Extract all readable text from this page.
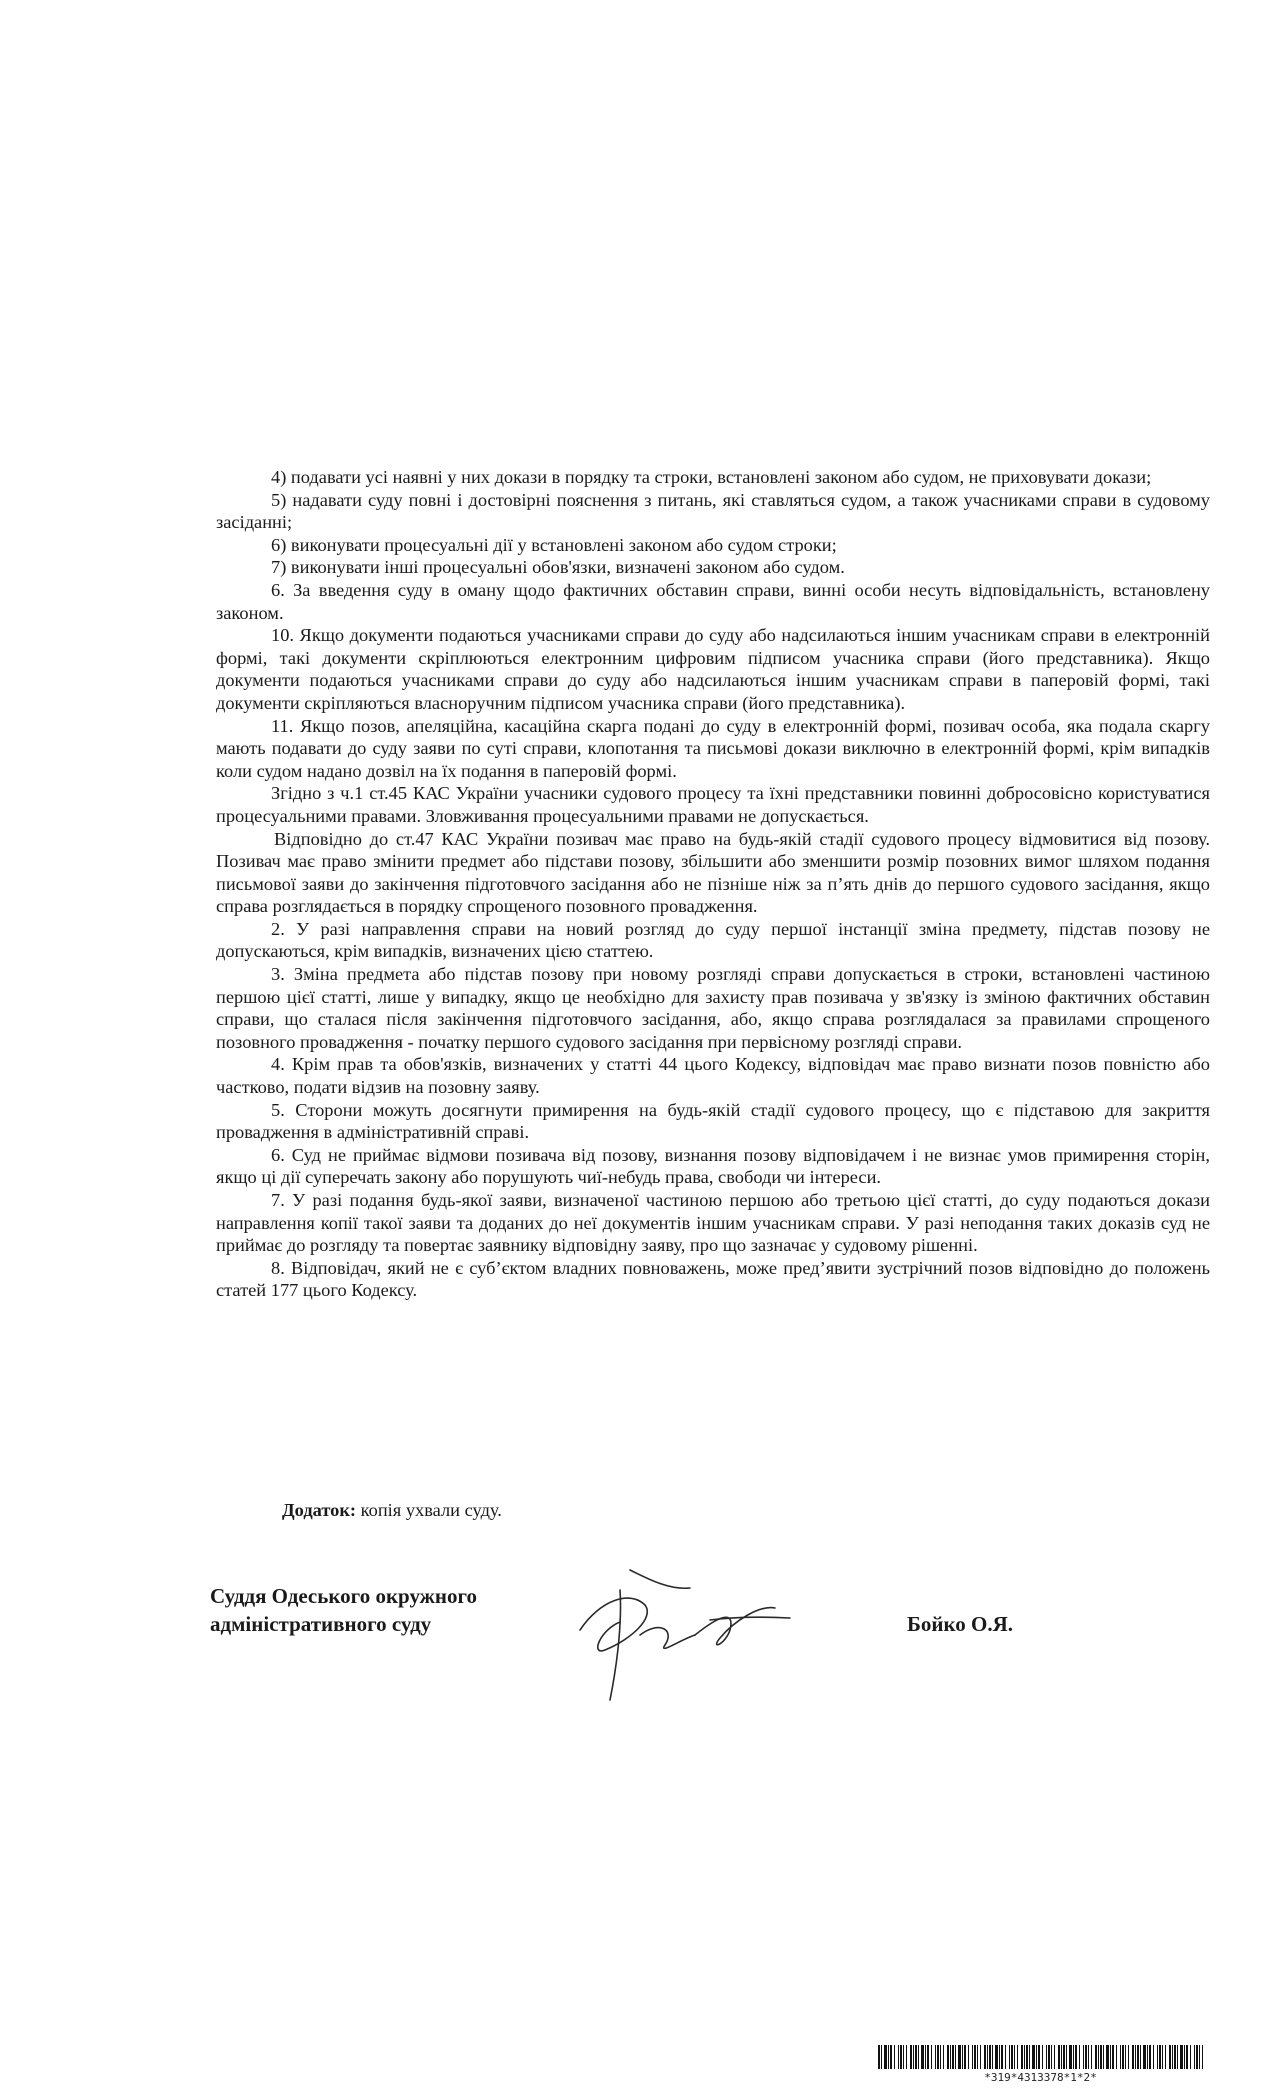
4) подавати усі наявні у них докази в порядку та строки, встановлені законом або судом, не приховувати докази;

5) надавати суду повні і достовірні пояснення з питань, які ставляться судом, а також учасниками справи в судовому засіданні;

6) виконувати процесуальні дії у встановлені законом або судом строки;

7) виконувати інші процесуальні обов'язки, визначені законом або судом.

6. За введення суду в оману щодо фактичних обставин справи, винні особи несуть відповідальність, встановлену законом.

10. Якщо документи подаються учасниками справи до суду або надсилаються іншим учасникам справи в електронній формі, такі документи скріплюються електронним цифровим підписом учасника справи (його представника). Якщо документи подаються учасниками справи до суду або надсилаються іншим учасникам справи в паперовій формі, такі документи скріпляються власноручним підписом учасника справи (його представника).

11. Якщо позов, апеляційна, касаційна скарга подані до суду в електронній формі, позивач особа, яка подала скаргу мають подавати до суду заяви по суті справи, клопотання та письмові докази виключно в електронній формі, крім випадків коли судом надано дозвіл на їх подання в паперовій формі.

Згідно з ч.1 ст.45 КАС України учасники судового процесу та їхні представники повинні добросовісно користуватися процесуальними правами. Зловживання процесуальними правами не допускається.

Відповідно до ст.47 КАС України позивач має право на будь-якій стадії судового процесу відмовитися від позову. Позивач має право змінити предмет або підстави позову, збільшити або зменшити розмір позовних вимог шляхом подання письмової заяви до закінчення підготовчого засідання або не пізніше ніж за п’ять днів до першого судового засідання, якщо справа розглядається в порядку спрощеного позовного провадження.

2. У разі направлення справи на новий розгляд до суду першої інстанції зміна предмету, підстав позову не допускаються, крім випадків, визначених цією статтею.

3. Зміна предмета або підстав позову при новому розгляді справи допускається в строки, встановлені частиною першою цієї статті, лише у випадку, якщо це необхідно для захисту прав позивача у зв'язку із зміною фактичних обставин справи, що сталася після закінчення підготовчого засідання, або, якщо справа розглядалася за правилами спрощеного позовного провадження - початку першого судового засідання при первісному розгляді справи.

4. Крім прав та обов'язків, визначених у статті 44 цього Кодексу, відповідач має право визнати позов повністю або частково, подати відзив на позовну заяву.

5. Сторони можуть досягнути примирення на будь-якій стадії судового процесу, що є підставою для закриття провадження в адміністративній справі.

6. Суд не приймає відмови позивача від позову, визнання позову відповідачем і не визнає умов примирення сторін, якщо ці дії суперечать закону або порушують чиї-небудь права, свободи чи інтереси.

7. У разі подання будь-якої заяви, визначеної частиною першою або третьою цієї статті, до суду подаються докази направлення копії такої заяви та доданих до неї документів іншим учасникам справи. У разі неподання таких доказів суд не приймає до розгляду та повертає заявнику відповідну заяву, про що зазначає у судовому рішенні.

8. Відповідач, який не є суб’єктом владних повноважень, може пред’явити зустрічний позов відповідно до положень статей 177 цього Кодексу.

Додаток: копія ухвали суду.
Суддя Одеського окружного
адміністративного суду	Бойко О.Я.
*319*4313378*1*2*
